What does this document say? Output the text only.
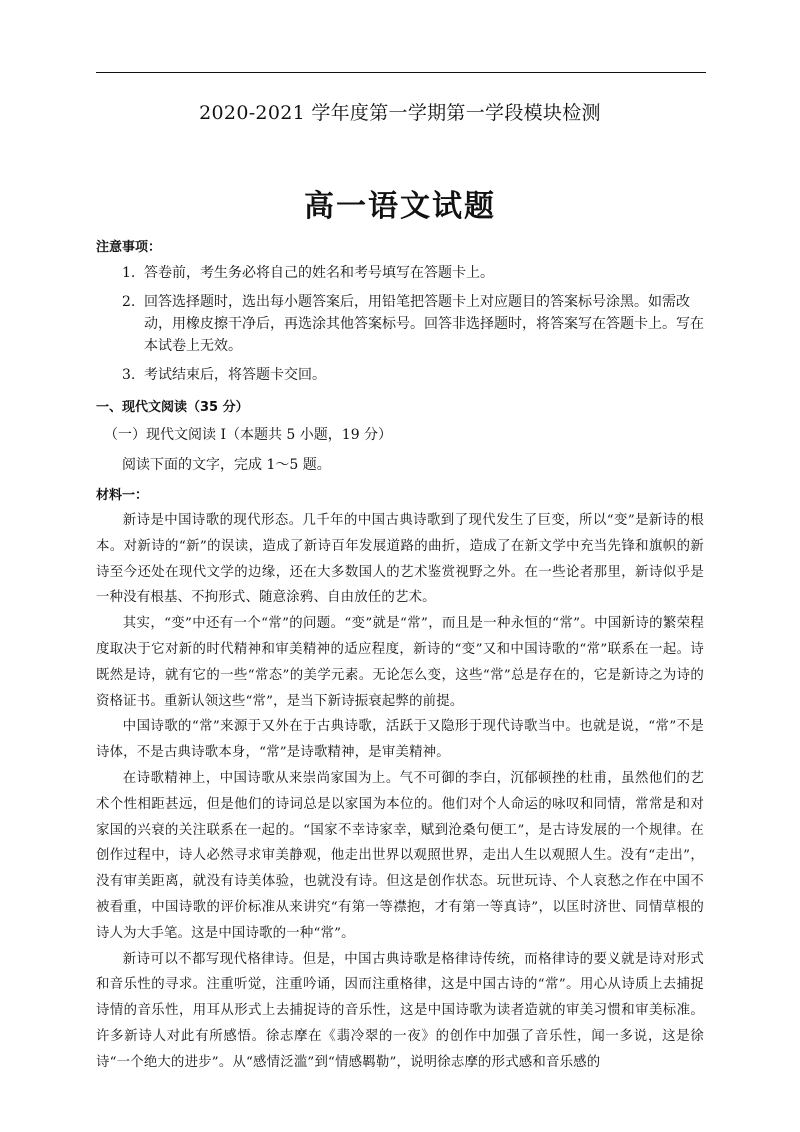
2020-2021 学年度第一学期第一学段模块检测
高一语文试题
注意事项：
1. 答卷前，考生务必将自己的姓名和考号填写在答题卡上。
2. 回答选择题时，选出每小题答案后，用铅笔把答题卡上对应题目的答案标号涂黑。如需改动，用橡皮擦干净后，再选涂其他答案标号。回答非选择题时，将答案写在答题卡上。写在本试卷上无效。
3. 考试结束后，将答题卡交回。
一、现代文阅读（35 分）
（一）现代文阅读 I（本题共 5 小题，19 分）
阅读下面的文字，完成 1～5 题。
材料一：

新诗是中国诗歌的现代形态。几千年的中国古典诗歌到了现代发生了巨变，所以“变”是新诗的根本。对新诗的“新”的误读，造成了新诗百年发展道路的曲折，造成了在新文学中充当先锋和旗帜的新诗至今还处在现代文学的边缘，还在大多数国人的艺术鉴赏视野之外。在一些论者那里，新诗似乎是一种没有根基、不拘形式、随意涂鸦、自由放任的艺术。

其实，“变”中还有一个“常”的问题。“变”就是“常”，而且是一种永恒的“常”。中国新诗的繁荣程度取决于它对新的时代精神和审美精神的适应程度，新诗的“变”又和中国诗歌的“常”联系在一起。诗既然是诗，就有它的一些“常态”的美学元素。无论怎么变，这些“常”总是存在的，它是新诗之为诗的资格证书。重新认领这些“常”，是当下新诗振衰起弊的前提。

中国诗歌的“常”来源于又外在于古典诗歌，活跃于又隐形于现代诗歌当中。也就是说，“常”不是诗体，不是古典诗歌本身，“常”是诗歌精神，是审美精神。

在诗歌精神上，中国诗歌从来崇尚家国为上。气不可御的李白，沉郁顿挫的杜甫，虽然他们的艺术个性相距甚远，但是他们的诗词总是以家国为本位的。他们对个人命运的咏叹和同情，常常是和对家国的兴衰的关注联系在一起的。“国家不幸诗家幸，赋到沧桑句便工”，是古诗发展的一个规律。在创作过程中，诗人必然寻求审美静观，他走出世界以观照世界，走出人生以观照人生。没有“走出”，没有审美距离，就没有诗美体验，也就没有诗。但这是创作状态。玩世玩诗、个人哀愁之作在中国不被看重，中国诗歌的评价标准从来讲究“有第一等襟抱，才有第一等真诗”，以匡时济世、同情草根的诗人为大手笔。这是中国诗歌的一种“常”。

新诗可以不都写现代格律诗。但是，中国古典诗歌是格律诗传统，而格律诗的要义就是诗对形式和音乐性的寻求。注重听觉，注重吟诵，因而注重格律，这是中国古诗的“常”。用心从诗质上去捕捉诗情的音乐性，用耳从形式上去捕捉诗的音乐性，这是中国诗歌为读者造就的审美习惯和审美标准。许多新诗人对此有所感悟。徐志摩在《翡冷翠的一夜》的创作中加强了音乐性，闻一多说，这是徐诗“一个绝大的进步”。从“感情泛滥”到“情感羁勒”，说明徐志摩的形式感和音乐感的
